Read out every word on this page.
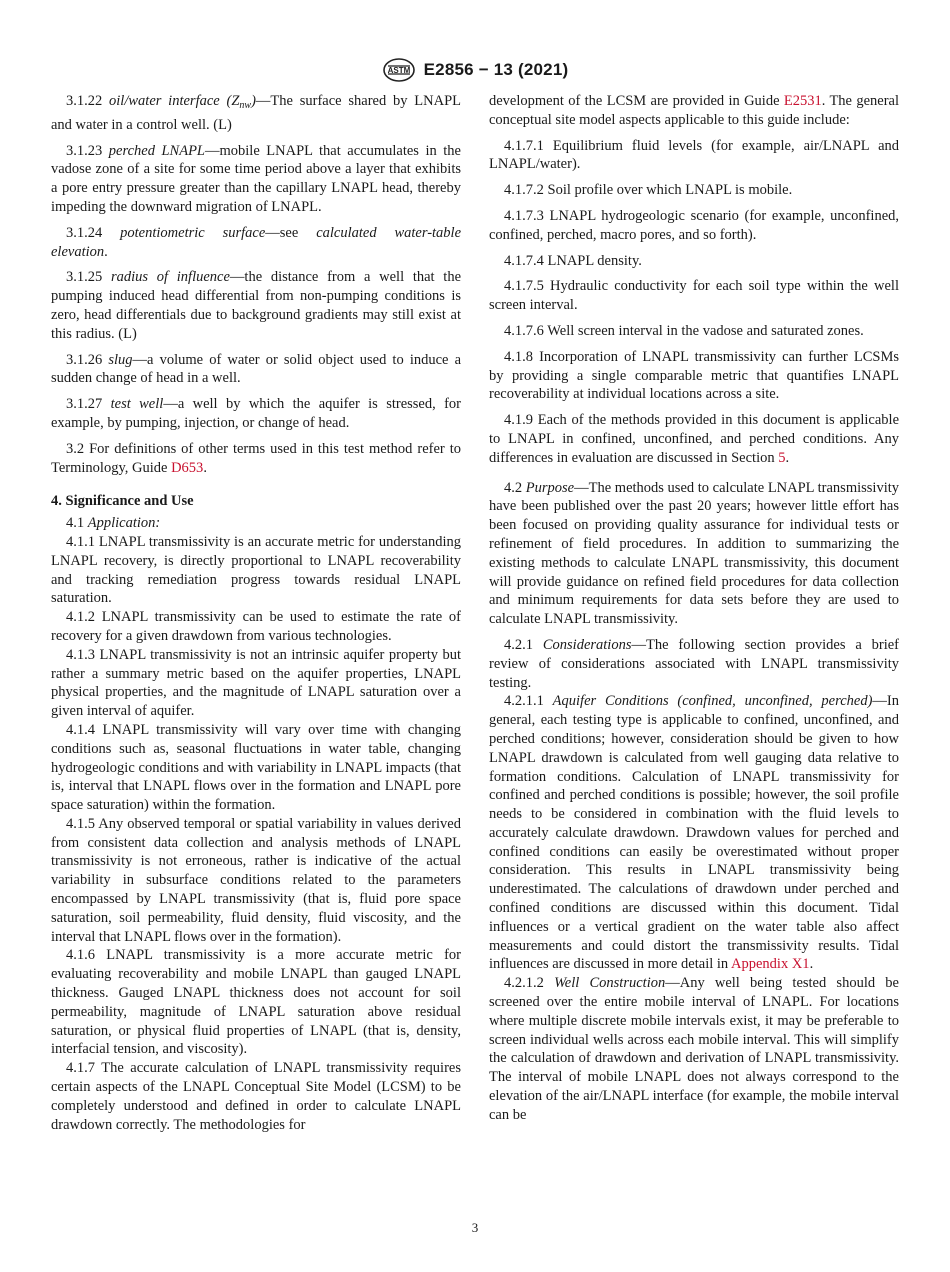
ASTM E2856 − 13 (2021)

3.1.22 oil/water interface $(Z_{nw})—The$ surface shared by LNAPL and water in a control well. (L)

3.1.23 perched LNAPL—mobile LNAPL that accumulates in the vadose zone of a site for some time period above a layer that exhibits a pore entry pressure greater than the capillary LNAPL head, thereby impeding the downward migration of LNAPL.

3.1.24 potentiometric surface—see calculated water-table elevation.

3.1.25 radius of influence—the distance from a well that the pumping induced head differential from non-pumping conditions is zero, head differentials due to background gradients may still exist at this radius. (L)

3.1.26 slug—a volume of water or solid object used to induce a sudden change of head in a well.

3.1.27 test well—a well by which the aquifer is stressed, for example, by pumping, injection, or change of head.

3.2 For definitions of other terms used in this test method refer to Terminology, Guide D653.

4. Significance and Use

4.1 Application:

4.1.1 LNAPL transmissivity is an accurate metric for understanding LNAPL recovery, is directly proportional to LNAPL recoverability and tracking remediation progress towards residual LNAPL saturation.

4.1.2 LNAPL transmissivity can be used to estimate the rate of recovery for a given drawdown from various technologies.

4.1.3 LNAPL transmissivity is not an intrinsic aquifer property but rather a summary metric based on the aquifer properties, LNAPL physical properties, and the magnitude of LNAPL saturation over a given interval of aquifer.

4.1.4 LNAPL transmissivity will vary over time with changing conditions such as, seasonal fluctuations in water table, changing hydrogeologic conditions and with variability in LNAPL impacts (that is, interval that LNAPL flows over in the formation and LNAPL pore space saturation) within the formation.

4.1.5 Any observed temporal or spatial variability in values derived from consistent data collection and analysis methods of LNAPL transmissivity is not erroneous, rather is indicative of the actual variability in subsurface conditions related to the parameters encompassed by LNAPL transmissivity (that is, fluid pore space saturation, soil permeability, fluid density, fluid viscosity, and the interval that LNAPL flows over in the formation).

4.1.6 LNAPL transmissivity is a more accurate metric for evaluating recoverability and mobile LNAPL than gauged LNAPL thickness. Gauged LNAPL thickness does not account for soil permeability, magnitude of LNAPL saturation above residual saturation, or physical fluid properties of LNAPL (that is, density, interfacial tension, and viscosity).

4.1.7 The accurate calculation of LNAPL transmissivity requires certain aspects of the LNAPL Conceptual Site Model (LCSM) to be completely understood and defined in order to calculate LNAPL drawdown correctly. The methodologies for

development of the LCSM are provided in Guide E2531. The general conceptual site model aspects applicable to this guide include:

4.1.7.1 Equilibrium fluid levels (for example, air/LNAPL and LNAPL/water).

4.1.7.2 Soil profile over which LNAPL is mobile.

4.1.7.3 LNAPL hydrogeologic scenario (for example, unconfined, confined, perched, macro pores, and so forth).

4.1.7.4 LNAPL density.

4.1.7.5 Hydraulic conductivity for each soil type within the well screen interval.

4.1.7.6 Well screen interval in the vadose and saturated zones.

4.1.8 Incorporation of LNAPL transmissivity can further LCSMs by providing a single comparable metric that quantifies LNAPL recoverability at individual locations across a site.

4.1.9 Each of the methods provided in this document is applicable to LNAPL in confined, unconfined, and perched conditions. Any differences in evaluation are discussed in Section 5.

4.2 Purpose—The methods used to calculate LNAPL transmissivity have been published over the past 20 years; however little effort has been focused on providing quality assurance for individual tests or refinement of field procedures. In addition to summarizing the existing methods to calculate LNAPL transmissivity, this document will provide guidance on refined field procedures for data collection and minimum requirements for data sets before they are used to calculate LNAPL transmissivity.

4.2.1 Considerations—The following section provides a brief review of considerations associated with LNAPL transmissivity testing.

4.2.1.1 Aquifer Conditions (confined, unconfined, perched)—In general, each testing type is applicable to confined, unconfined, and perched conditions; however, consideration should be given to how LNAPL drawdown is calculated from well gauging data relative to formation conditions. Calculation of LNAPL transmissivity for confined and perched conditions is possible; however, the soil profile needs to be considered in combination with the fluid levels to accurately calculate drawdown. Drawdown values for perched and confined conditions can easily be overestimated without proper consideration. This results in LNAPL transmissivity being underestimated. The calculations of drawdown under perched and confined conditions are discussed within this document. Tidal influences or a vertical gradient on the water table also affect measurements and could distort the transmissivity results. Tidal influences are discussed in more detail in Appendix X1.

4.2.1.2 Well Construction—Any well being tested should be screened over the entire mobile interval of LNAPL. For locations where multiple discrete mobile intervals exist, it may be preferable to screen individual wells across each mobile interval. This will simplify the calculation of drawdown and derivation of LNAPL transmissivity. The interval of mobile LNAPL does not always correspond to the elevation of the air/LNAPL interface (for example, the mobile interval can be

3
